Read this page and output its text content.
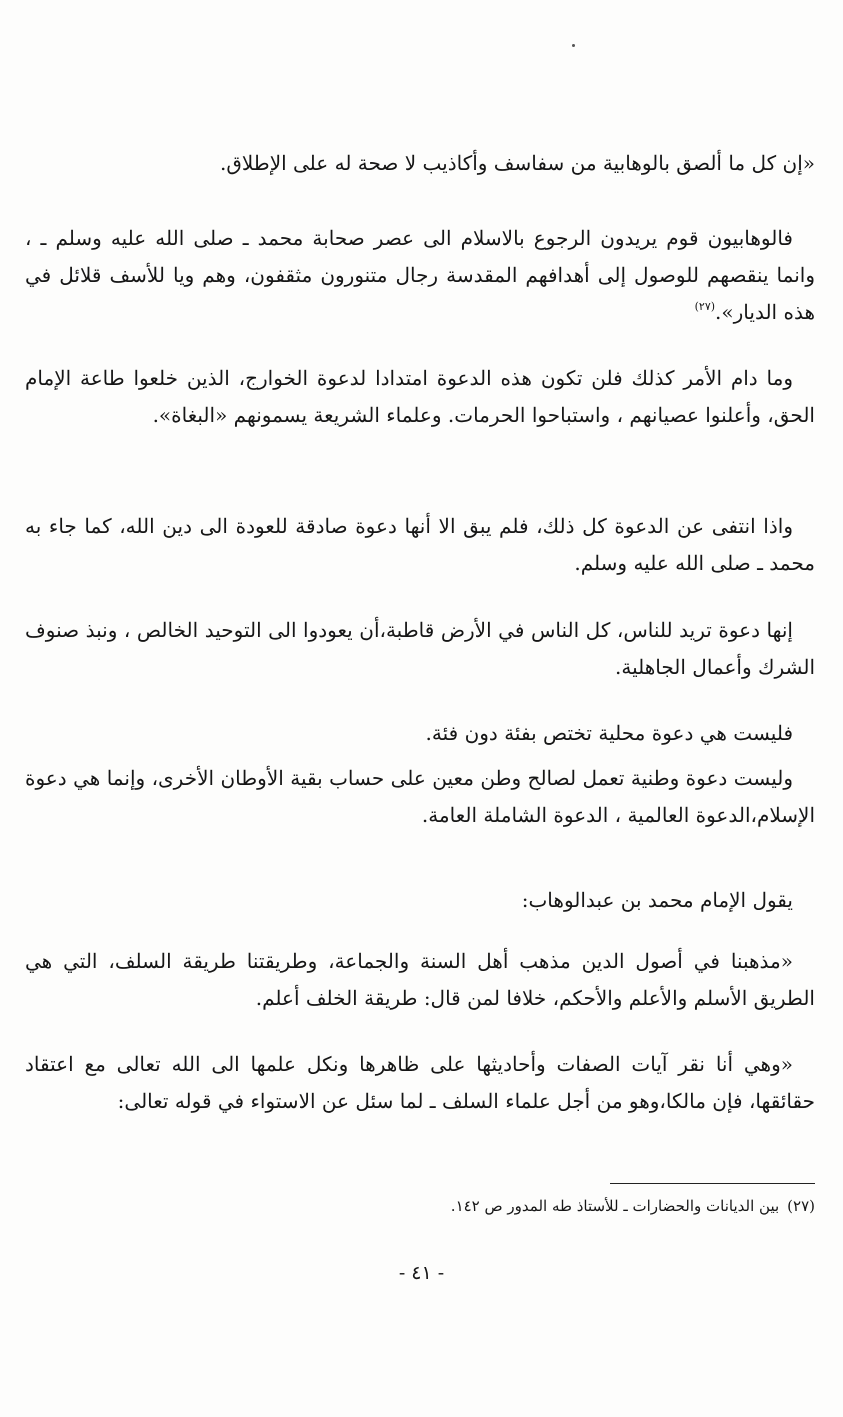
«إن كل ما ألصق بالوهابية من سفاسف وأكاذيب لا صحة له على الإطلاق.

فالوهابيون قوم يريدون الرجوع بالاسلام الى عصر صحابة محمد ـ صلى الله عليه وسلم ـ ، وانما ينقصهم للوصول إلى أهدافهم المقدسة رجال متنورون مثقفون، وهم ويا للأسف قلائل في هذه الديار».$^{(٢٧)}$

وما دام الأمر كذلك فلن تكون هذه الدعوة امتدادا لدعوة الخوارج، الذين خلعوا طاعة الإمام الحق، وأعلنوا عصيانهم ، واستباحوا الحرمات. وعلماء الشريعة يسمونهم «البغاة».

واذا انتفى عن الدعوة كل ذلك، فلم يبق الا أنها دعوة صادقة للعودة الى دين الله، كما جاء به محمد ـ صلى الله عليه وسلم.

إنها دعوة تريد للناس، كل الناس في الأرض قاطبة،أن يعودوا الى التوحيد الخالص ، ونبذ صنوف الشرك وأعمال الجاهلية.

فليست هي دعوة محلية تختص بفئة دون فئة.

وليست دعوة وطنية تعمل لصالح وطن معين على حساب بقية الأوطان الأخرى، وإنما هي دعوة الإسلام،الدعوة العالمية ، الدعوة الشاملة العامة.

يقول الإمام محمد بن عبدالوهاب:

«مذهبنا في أصول الدين مذهب أهل السنة والجماعة، وطريقتنا طريقة السلف، التي هي الطريق الأسلم والأعلم والأحكم، خلافا لمن قال: طريقة الخلف أعلم.

«وهي أنا نقر آيات الصفات وأحاديثها على ظاهرها ونكل علمها الى الله تعالى مع اعتقاد حقائقها، فإن مالكا،وهو من أجل علماء السلف ـ لما سئل عن الاستواء في قوله تعالى:

(٢٧)بين الديانات والحضارات ـ للأستاذ طه المدور ص ١٤٢.

- ٤١ -
